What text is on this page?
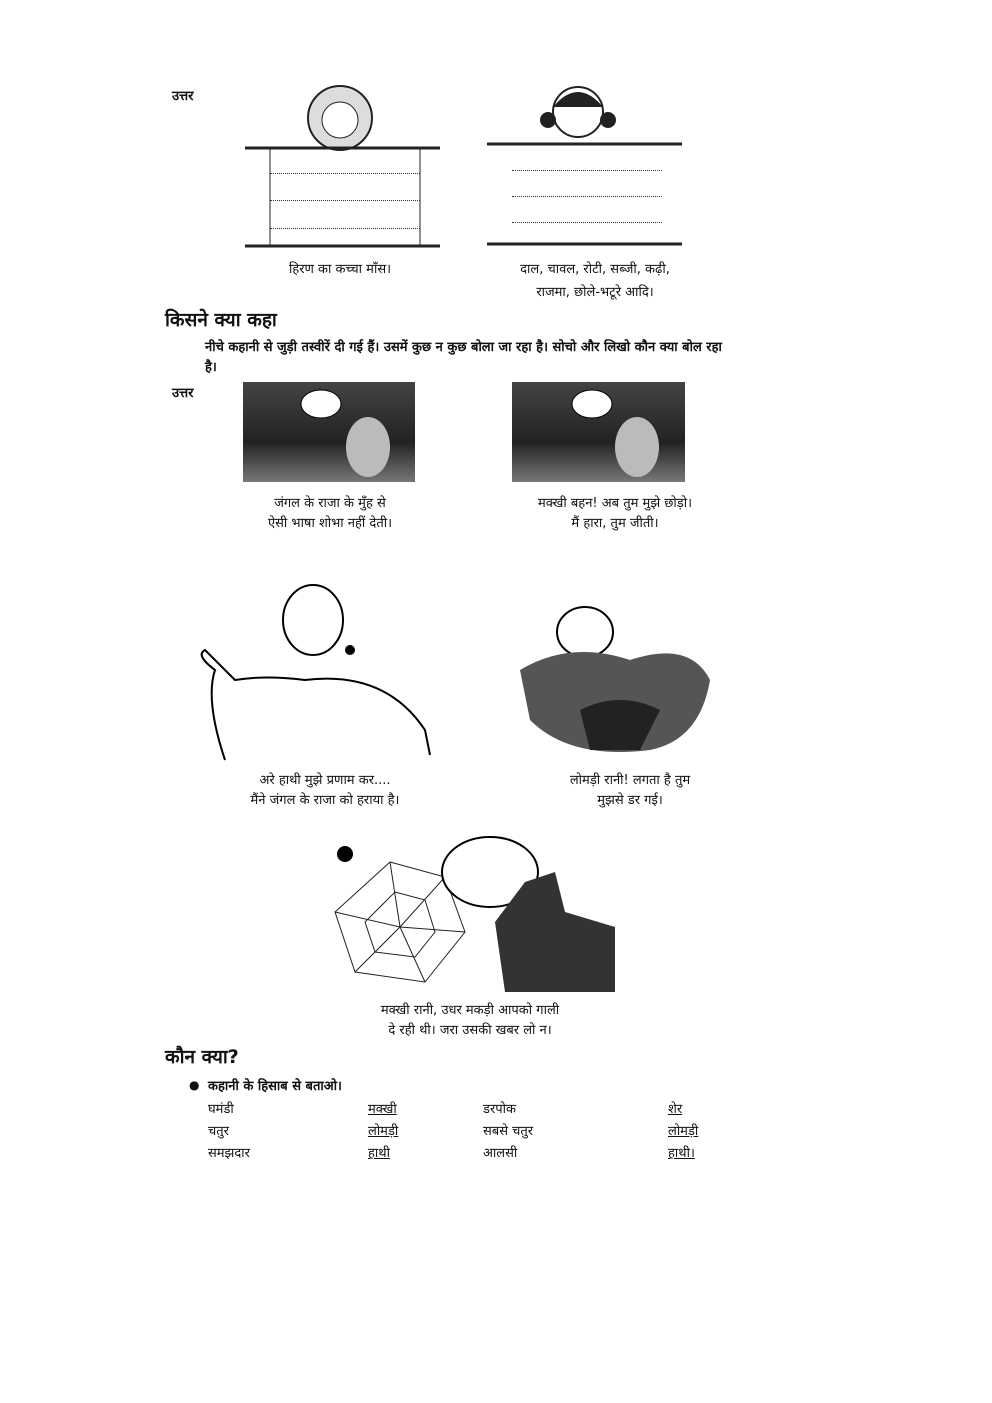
उत्तर
हिरण का कच्चा माँस।	दाल, चावल, रोटी, सब्जी, कढ़ी,
राजमा, छोले-भटूरे आदि।
किसने क्या कहा
नीचे कहानी से जुड़ी तस्वीरें दी गई हैं। उसमें कुछ न कुछ बोला जा रहा है। सोचो और लिखो कौन क्या बोल रहा
है।
उत्तर
जंगल के राजा के मुँह से
ऐसी भाषा शोभा नहीं देती।
मक्खी बहन! अब तुम मुझे छोड़ो।
मैं हारा, तुम जीती।
अरे हाथी मुझे प्रणाम कर....
मैंने जंगल के राजा को हराया है।
लोमड़ी रानी! लगता है तुम
मुझसे डर गई।
मक्खी रानी, उधर मकड़ी आपको गाली
दे रही थी। जरा उसकी खबर लो न।
कौन क्या?
● कहानी के हिसाब से बताओ।
घमंडी	मक्खी	डरपोक	शेर
चतुर	लोमड़ी	सबसे चतुर	लोमड़ी
समझदार	हाथी	आलसी	हाथी।
